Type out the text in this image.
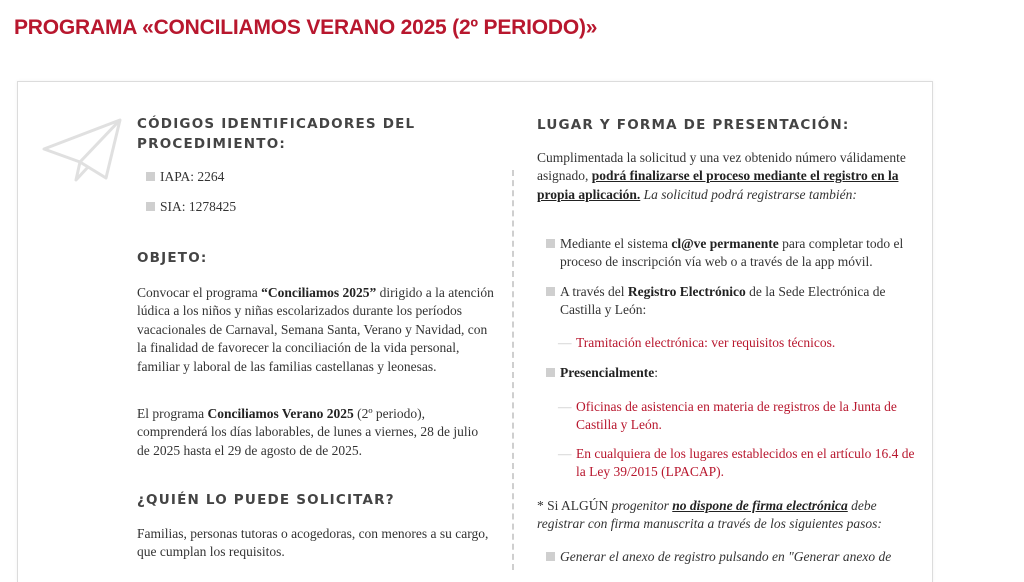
PROGRAMA «CONCILIAMOS VERANO 2025 (2º PERIODO)»
CÓDIGOS IDENTIFICADORES DEL PROCEDIMIENTO:
IAPA: 2264
SIA: 1278425
OBJETO:

Convocar el programa “Conciliamos 2025” dirigido a la atención lúdica a los niños y niñas escolarizados durante los períodos vacacionales de Carnaval, Semana Santa, Verano y Navidad, con la finalidad de favorecer la conciliación de la vida personal, familiar y laboral de las familias castellanas y leonesas.

El programa Conciliamos Verano 2025 (2º periodo), comprenderá los días laborables, de lunes a viernes, 28 de julio de 2025 hasta el 29 de agosto de de 2025.

¿QUIÉN LO PUEDE SOLICITAR?

Familias, personas tutoras o acogedoras, con menores a su cargo, que cumplan los requisitos.

LUGAR Y FORMA DE PRESENTACIÓN:

Cumplimentada la solicitud y una vez obtenido número válidamente asignado, podrá finalizarse el proceso mediante el registro en la propia aplicación. La solicitud podrá registrarse también:

Mediante el sistema cl@ve permanente para completar todo el proceso de inscripción vía web o a través de la app móvil.
A través del Registro Electrónico de la Sede Electrónica de Castilla y León:
— Tramitación electrónica: ver requisitos técnicos.
Presencialmente:
— Oficinas de asistencia en materia de registros de la Junta de Castilla y León.
— En cualquiera de los lugares establecidos en el artículo 16.4 de la Ley 39/2015 (LPACAP).

* Si ALGÚN progenitor no dispone de firma electrónica debe registrar con firma manuscrita a través de los siguientes pasos:

Generar el anexo de registro pulsando en "Generar anexo de
